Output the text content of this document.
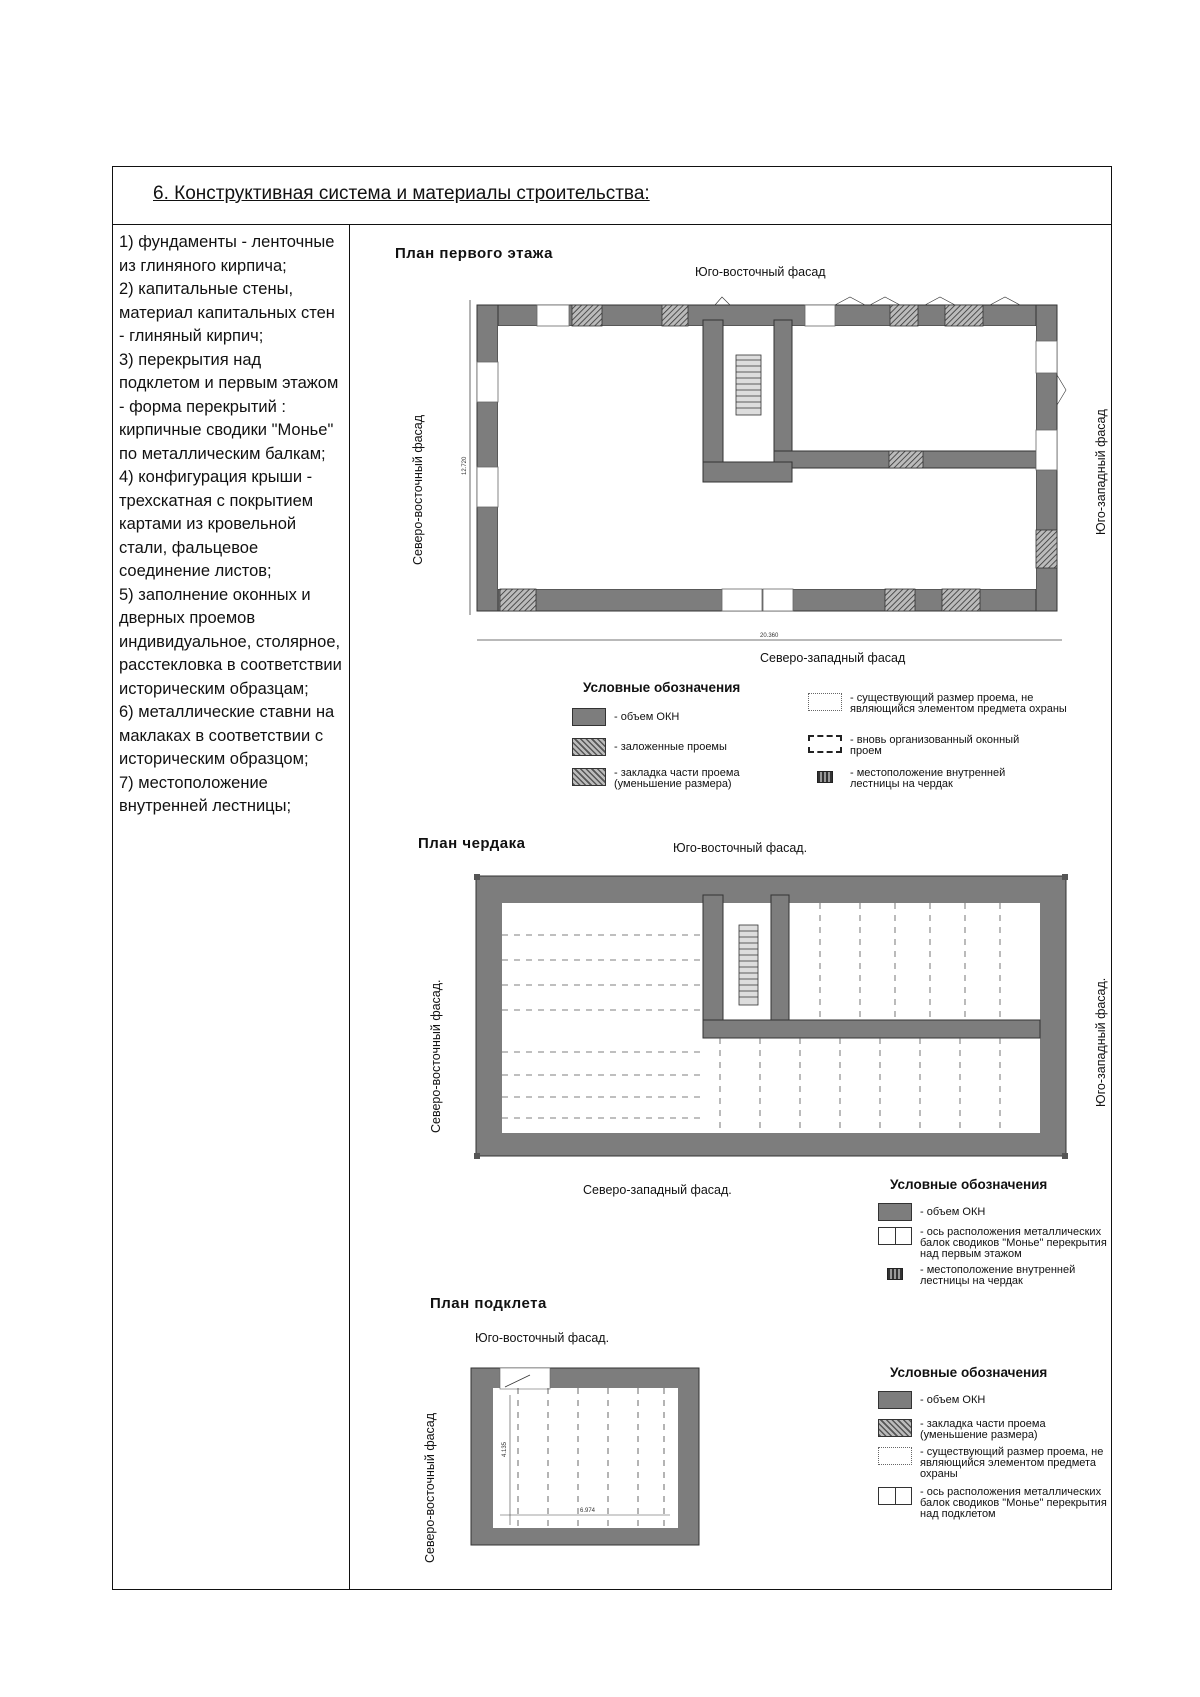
6. Конструктивная система и материалы строительства:

1) фундаменты - ленточные из глиняного кирпича;

2) капитальные стены, материал капитальных стен - глиняный кирпич;

3) перекрытия над подклетом и первым этажом - форма перекрытий : кирпичные сводики "Монье" по металлическим балкам;

4) конфигурация крыши - трехскатная с покрытием картами из кровельной стали, фальцевое соединение листов;

5) заполнение оконных и дверных проемов индивидуальное, столярное, расстекловка в соответствии историческим образцам;

6) металлические ставни на маклаках в соответствии с историческим образцом;

7) местоположение внутренней лестницы;

План первого этажа
Юго-восточный фасад
Северо-восточный фасад	Юго-западный фасад
Северо-западный фасад
20.360
12.720
Условные обозначения
- объем ОКН
- заложенные проемы
- закладка части проема (уменьшение размера)
- существующий размер проема, не являющийся элементом предмета охраны
- вновь организованный оконный проем
- местоположение внутренней лестницы на чердак
План чердака	Юго-восточный фасад.
Северо-восточный фасад.	Юго-западный фасад.
Северо-западный фасад.	Условные обозначения
- объем ОКН
- ось расположения металлических балок сводиков "Монье" перекрытия над первым этажом
- местоположение внутренней лестницы на чердак
План подклета
Юго-восточный фасад.
Северо-восточный фасад	6.974
4.135
Условные обозначения
- объем ОКН
- закладка части проема (уменьшение размера)
- существующий размер проема, не являющийся элементом предмета охраны
- ось расположения металлических балок сводиков "Монье" перекрытия над подклетом
